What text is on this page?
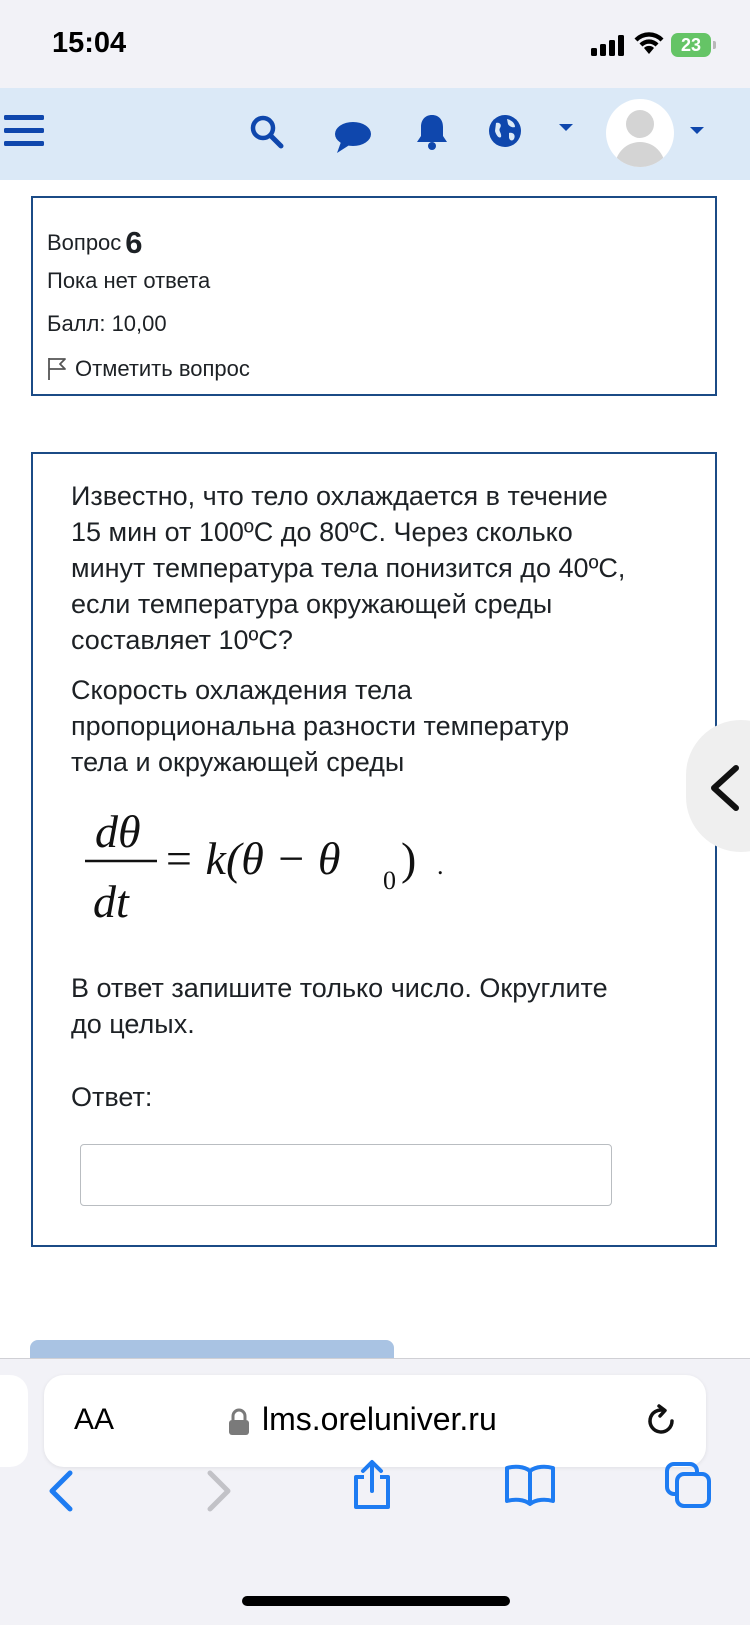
15:04	23
Вопрос 6
Пока нет ответа
Балл: 10,00
Отметить вопрос
Известно, что тело охлаждается в течение
15 мин от 100ºC до 80ºC. Через сколько
минут температура тела понизится до 40ºC,
если температура окружающей среды
составляет 10ºC?
Скорость охлаждения тела
пропорциональна разности температур
тела и окружающей среды
dθ
dt
= k(θ − θ 0 ) .
В ответ запишите только число. Округлите
до целых.
Ответ:
AA	lms.oreluniver.ru
